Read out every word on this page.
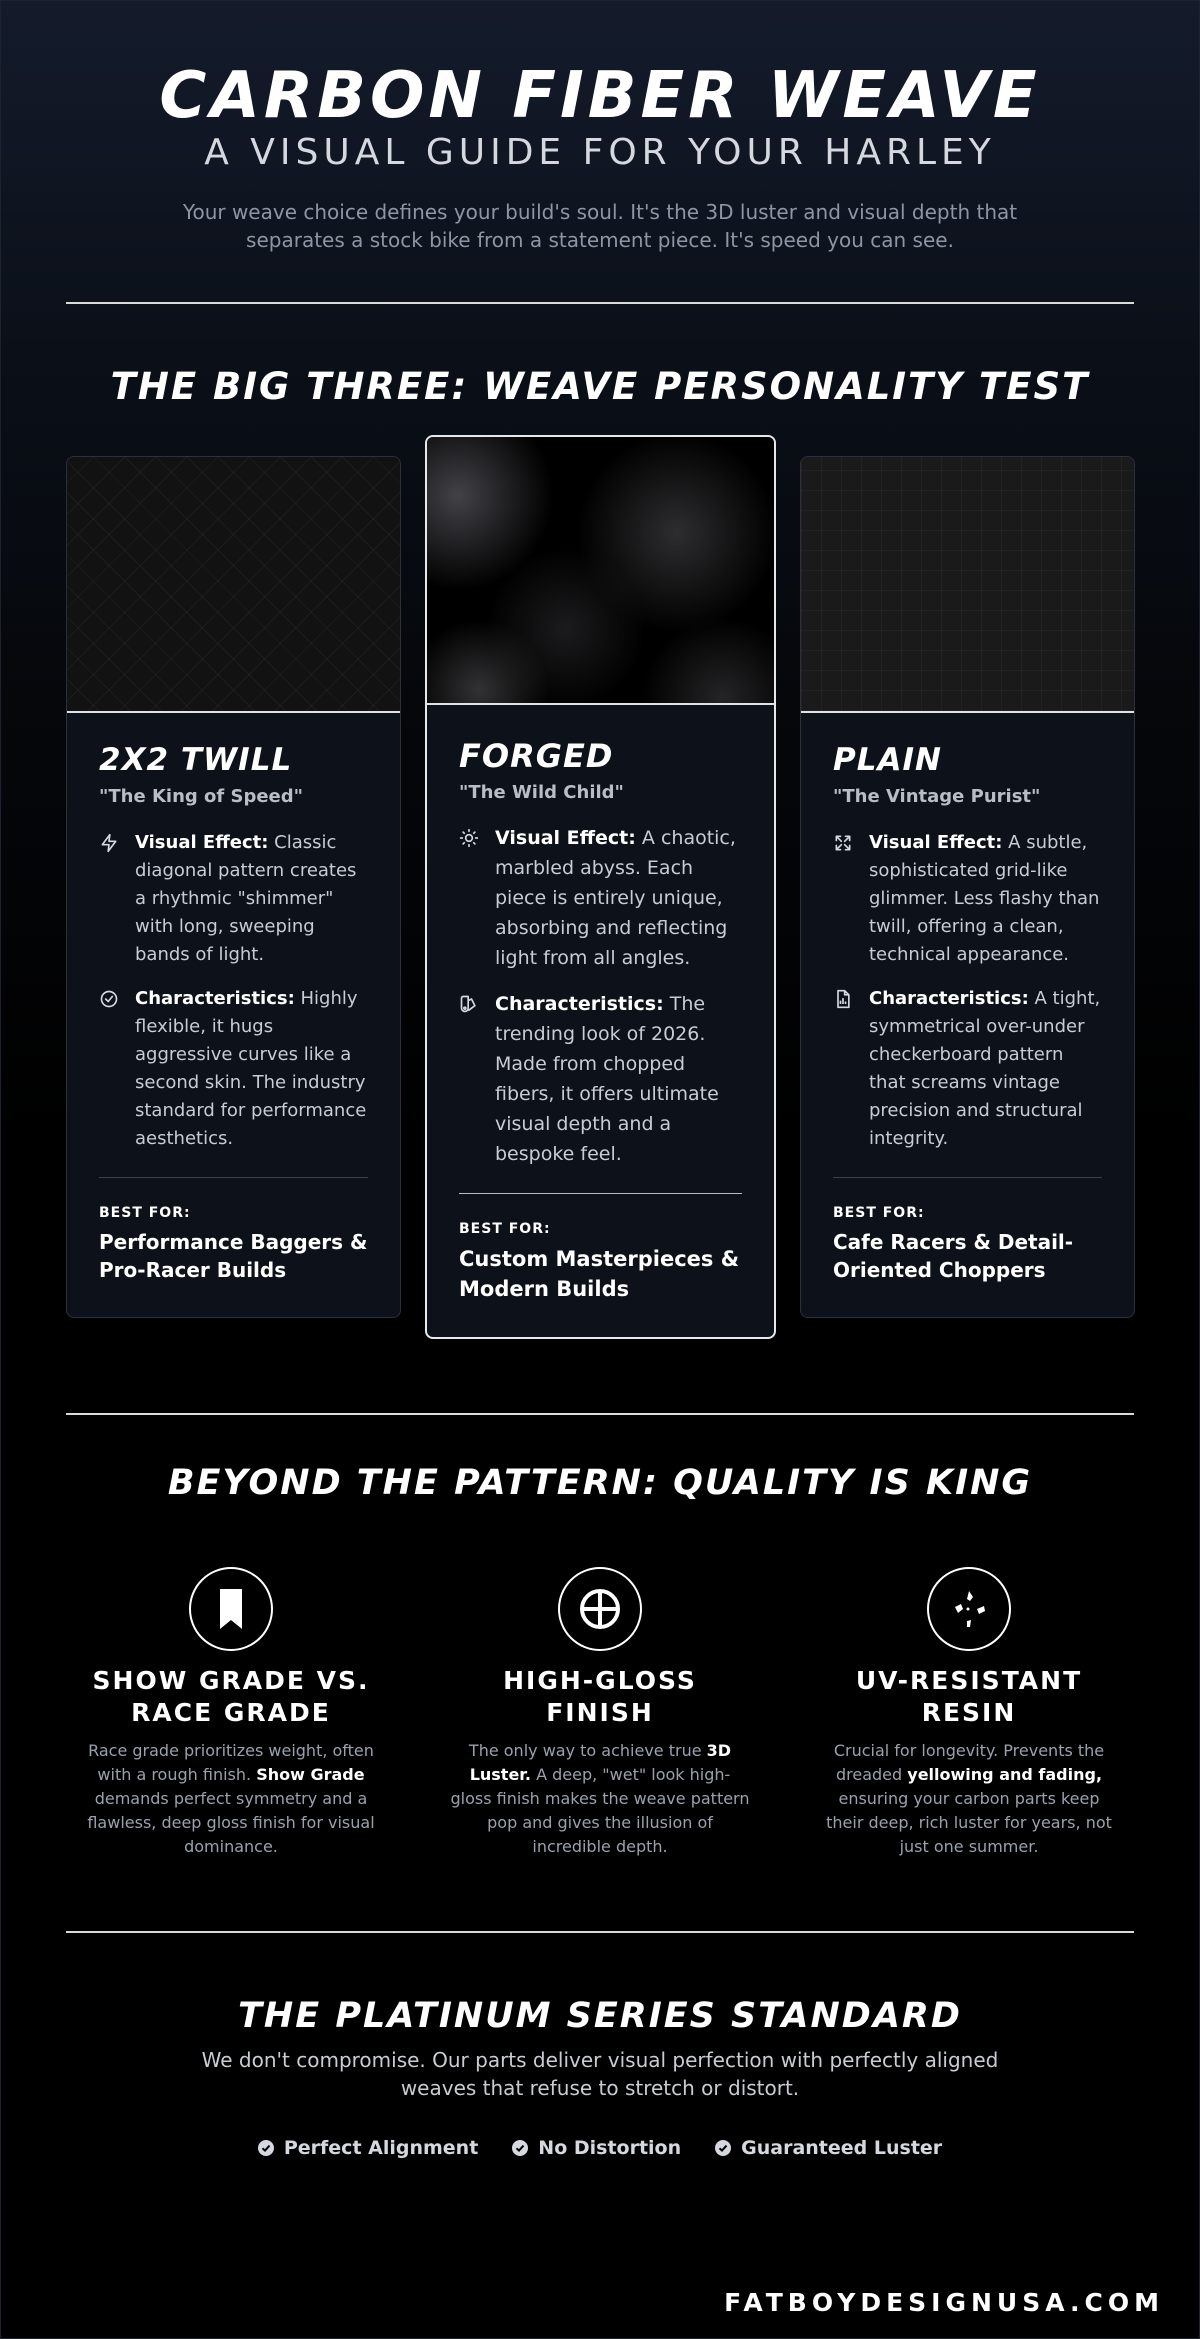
CARBON FIBER WEAVE
A VISUAL GUIDE FOR YOUR HARLEY
Your weave choice defines your build's soul. It's the 3D luster and visual depth that separates a stock bike from a statement piece. It's speed you can see.
THE BIG THREE: WEAVE PERSONALITY TEST
2X2 TWILL
"The King of Speed"
Visual Effect: Classic diagonal pattern creates a rhythmic "shimmer" with long, sweeping bands of light.
Characteristics: Highly flexible, it hugs aggressive curves like a second skin. The industry standard for performance aesthetics.
BEST FOR:
Performance Baggers & Pro-Racer Builds
FORGED
"The Wild Child"
Visual Effect: A chaotic, marbled abyss. Each piece is entirely unique, absorbing and reflecting light from all angles.
Characteristics: The trending look of 2026. Made from chopped fibers, it offers ultimate visual depth and a bespoke feel.
BEST FOR:
Custom Masterpieces & Modern Builds
PLAIN
"The Vintage Purist"
Visual Effect: A subtle, sophisticated grid-like glimmer. Less flashy than twill, offering a clean, technical appearance.
Characteristics: A tight, symmetrical over-under checkerboard pattern that screams vintage precision and structural integrity.
BEST FOR:
Cafe Racers & Detail-Oriented Choppers
BEYOND THE PATTERN: QUALITY IS KING
SHOW GRADE VS. RACE GRADE
Race grade prioritizes weight, often with a rough finish. Show Grade demands perfect symmetry and a flawless, deep gloss finish for visual dominance.
HIGH-GLOSS FINISH
The only way to achieve true 3D Luster. A deep, "wet" look high-gloss finish makes the weave pattern pop and gives the illusion of incredible depth.
UV-RESISTANT RESIN
Crucial for longevity. Prevents the dreaded yellowing and fading, ensuring your carbon parts keep their deep, rich luster for years, not just one summer.
THE PLATINUM SERIES STANDARD
We don't compromise. Our parts deliver visual perfection with perfectly aligned weaves that refuse to stretch or distort.
Perfect Alignment	No Distortion	Guaranteed Luster
FATBOYDESIGNUSA.COM
